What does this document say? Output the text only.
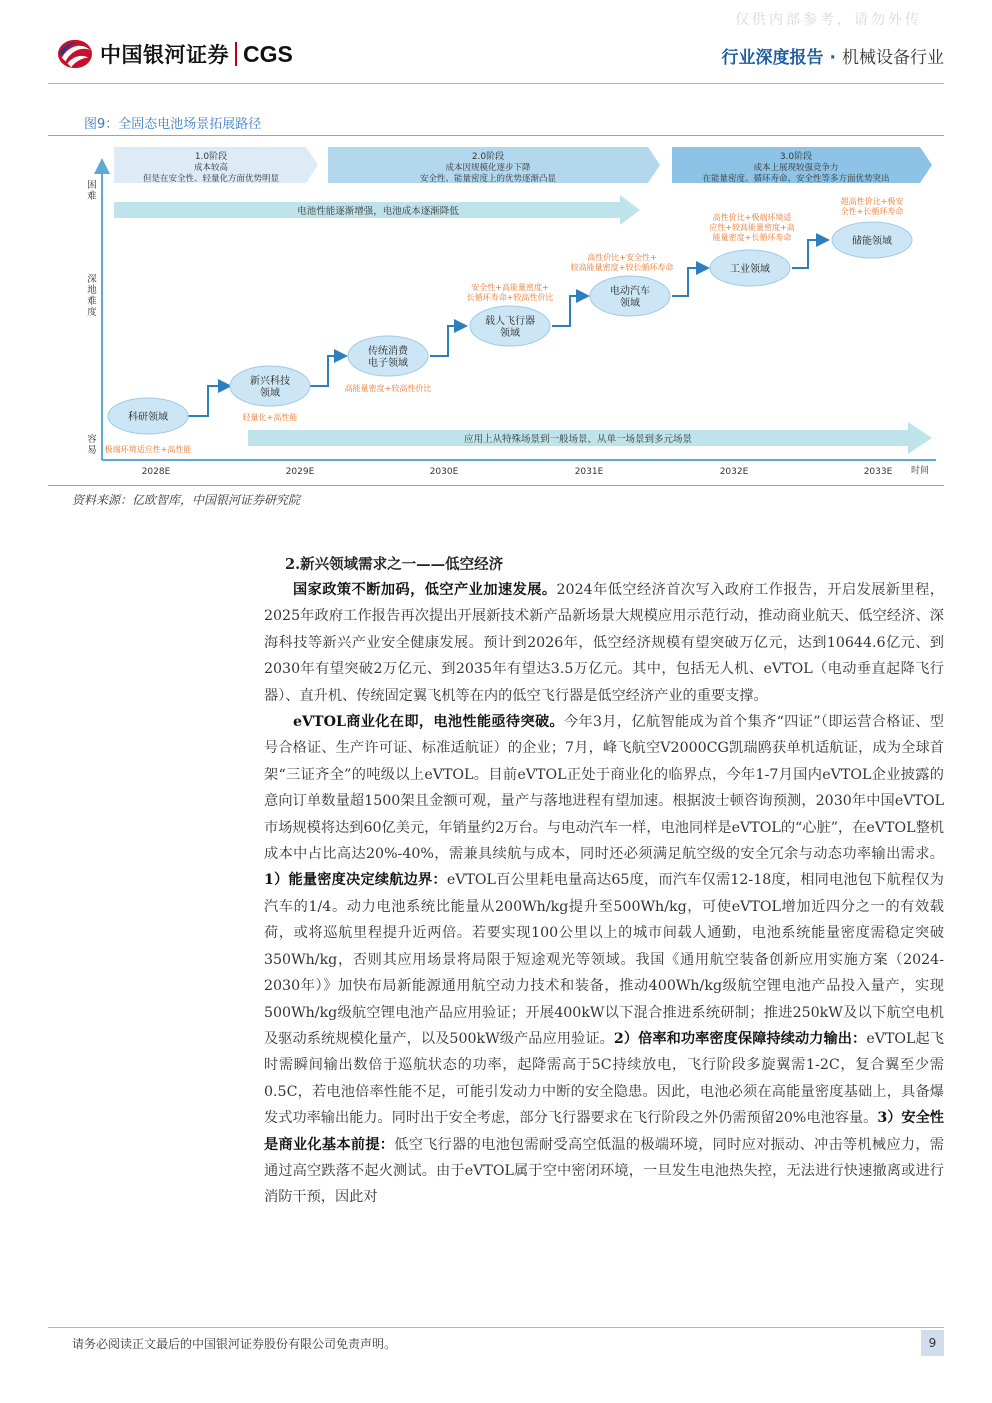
仅供内部参考，请勿外传
中国银河证券 CGS	行业深度报告 · 机械设备行业
图9：全固态电池场景拓展路径
1.0阶段
成本较高
但是在安全性、轻量化方面优势明显
2.0阶段
成本因规模化逐步下降
安全性、能量密度上的优势逐渐凸显
3.0阶段
成本上展现较强竞争力
在能量密度、循环寿命、安全性等多方面优势突出
电池性能逐渐增强，电池成本逐渐降低
应用上从特殊场景到一般场景、从单一场景到多元场景
困难
深地难度
容易
2028E	2029E	2030E	2031E	2032E	2033E 时间
科研领域
极端环境适应性+高性能
新兴科技领域
轻量化+高性能
传统消费电子领域
高能量密度+较高性价比
载人飞行器领域
安全性+高能量密度+长循环寿命+较高性价比
电动汽车领域
高性价比+安全性+较高能量密度+较长循环寿命	工业领域
高性价比+极端环境适应性+较高能量密度+高能量密度+长循环寿命	储能领域
超高性价比+极安全性+长循环寿命
资料来源：亿欧智库，中国银河证券研究院
2.新兴领域需求之一——低空经济

国家政策不断加码，低空产业加速发展。2024年低空经济首次写入政府工作报告，开启发展新里程，2025年政府工作报告再次提出开展新技术新产品新场景大规模应用示范行动，推动商业航天、低空经济、深海科技等新兴产业安全健康发展。预计到2026年，低空经济规模有望突破万亿元，达到10644.6亿元、到2030年有望突破2万亿元、到2035年有望达3.5万亿元。其中，包括无人机、eVTOL（电动垂直起降飞行器）、直升机、传统固定翼飞机等在内的低空飞行器是低空经济产业的重要支撑。

eVTOL商业化在即，电池性能亟待突破。今年3月，亿航智能成为首个集齐“四证”（即运营合格证、型号合格证、生产许可证、标准适航证）的企业；7月，峰飞航空V2000CG凯瑞鸥获单机适航证，成为全球首架“三证齐全”的吨级以上eVTOL。目前eVTOL正处于商业化的临界点，今年1-7月国内eVTOL企业披露的意向订单数量超1500架且金额可观，量产与落地进程有望加速。根据波士顿咨询预测，2030年中国eVTOL市场规模将达到60亿美元，年销量约2万台。与电动汽车一样，电池同样是eVTOL的“心脏”，在eVTOL整机成本中占比高达20%-40%，需兼具续航与成本，同时还必须满足航空级的安全冗余与动态功率输出需求。1）能量密度决定续航边界：eVTOL百公里耗电量高达65度，而汽车仅需12-18度，相同电池包下航程仅为汽车的1/4。动力电池系统比能量从200Wh/kg提升至500Wh/kg，可使eVTOL增加近四分之一的有效载荷，或将巡航里程提升近两倍。若要实现100公里以上的城市间载人通勤，电池系统能量密度需稳定突破350Wh/kg，否则其应用场景将局限于短途观光等领域。我国《通用航空装备创新应用实施方案（2024-2030年）》加快布局新能源通用航空动力技术和装备，推动400Wh/kg级航空锂电池产品投入量产，实现500Wh/kg级航空锂电池产品应用验证；开展400kW以下混合推进系统研制；推进250kW及以下航空电机及驱动系统规模化量产，以及500kW级产品应用验证。2）倍率和功率密度保障持续动力输出：eVTOL起飞时需瞬间输出数倍于巡航状态的功率，起降需高于5C持续放电，飞行阶段多旋翼需1-2C，复合翼至少需0.5C，若电池倍率性能不足，可能引发动力中断的安全隐患。因此，电池必须在高能量密度基础上，具备爆发式功率输出能力。同时出于安全考虑，部分飞行器要求在飞行阶段之外仍需预留20%电池容量。3）安全性是商业化基本前提：低空飞行器的电池包需耐受高空低温的极端环境，同时应对振动、冲击等机械应力，需通过高空跌落不起火测试。由于eVTOL属于空中密闭环境，一旦发生电池热失控，无法进行快速撤离或进行消防干预，因此对

请务必阅读正文最后的中国银河证券股份有限公司免责声明。	9
